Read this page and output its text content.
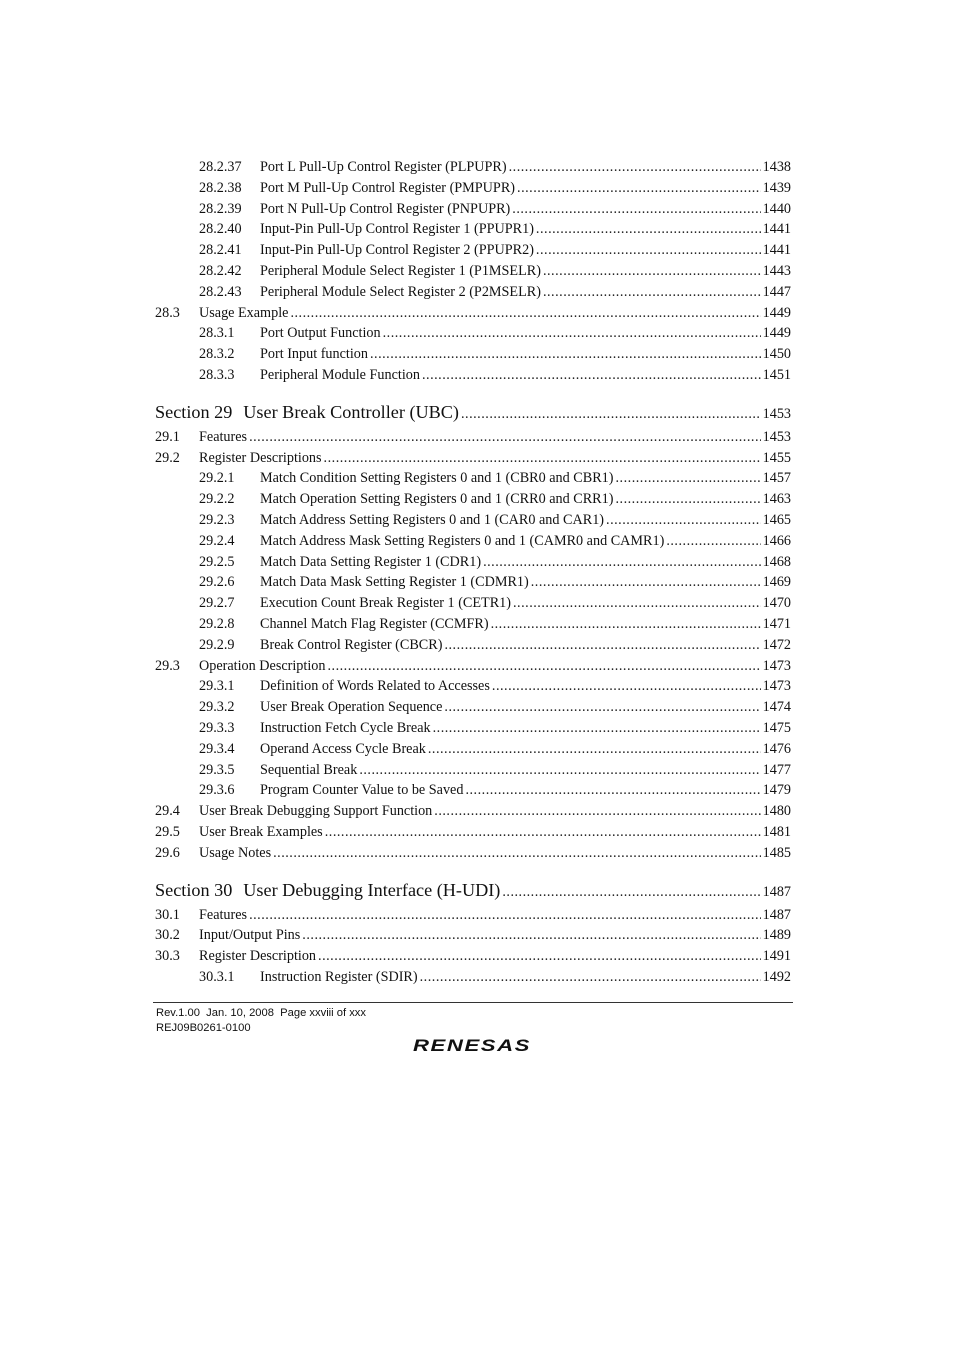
28.2.37	Port L Pull-Up Control Register (PLPUPR) .....	1438
28.2.38	Port M Pull-Up Control Register (PMPUPR) .....	1439
28.2.39	Port N Pull-Up Control Register (PNPUPR) .....	1440
28.2.40	Input-Pin Pull-Up Control Register 1 (PPUPR1) .....	1441
28.2.41	Input-Pin Pull-Up Control Register 2 (PPUPR2) .....	1441
28.2.42	Peripheral Module Select Register 1 (P1MSELR) .....	1443
28.2.43	Peripheral Module Select Register 2 (P2MSELR) .....	1447
28.3	Usage Example .....	1449
28.3.1	Port Output Function .....	1449
28.3.2	Port Input function .....	1450
28.3.3	Peripheral Module Function .....	1451
Section 29 User Break Controller (UBC) .....	1453
29.1	Features .....	1453
29.2	Register Descriptions .....	1455
29.2.1	Match Condition Setting Registers 0 and 1 (CBR0 and CBR1) .....	1457
29.2.2	Match Operation Setting Registers 0 and 1 (CRR0 and CRR1) .....	1463
29.2.3	Match Address Setting Registers 0 and 1 (CAR0 and CAR1) .....	1465
29.2.4	Match Address Mask Setting Registers 0 and 1 (CAMR0 and CAMR1) .....	1466
29.2.5	Match Data Setting Register 1 (CDR1) .....	1468
29.2.6	Match Data Mask Setting Register 1 (CDMR1) .....	1469
29.2.7	Execution Count Break Register 1 (CETR1) .....	1470
29.2.8	Channel Match Flag Register (CCMFR) .....	1471
29.2.9	Break Control Register (CBCR) .....	1472
29.3	Operation Description .....	1473
29.3.1	Definition of Words Related to Accesses .....	1473
29.3.2	User Break Operation Sequence .....	1474
29.3.3	Instruction Fetch Cycle Break .....	1475
29.3.4	Operand Access Cycle Break .....	1476
29.3.5	Sequential Break .....	1477
29.3.6	Program Counter Value to be Saved .....	1479
29.4	User Break Debugging Support Function .....	1480
29.5	User Break Examples .....	1481
29.6	Usage Notes .....	1485
Section 30 User Debugging Interface (H-UDI) .....	1487
30.1	Features .....	1487
30.2	Input/Output Pins .....	1489
30.3	Register Description .....	1491
30.3.1	Instruction Register (SDIR) .....	1492
Rev.1.00  Jan. 10, 2008  Page xxviii of xxx
REJ09B0261-0100
RENESAS
